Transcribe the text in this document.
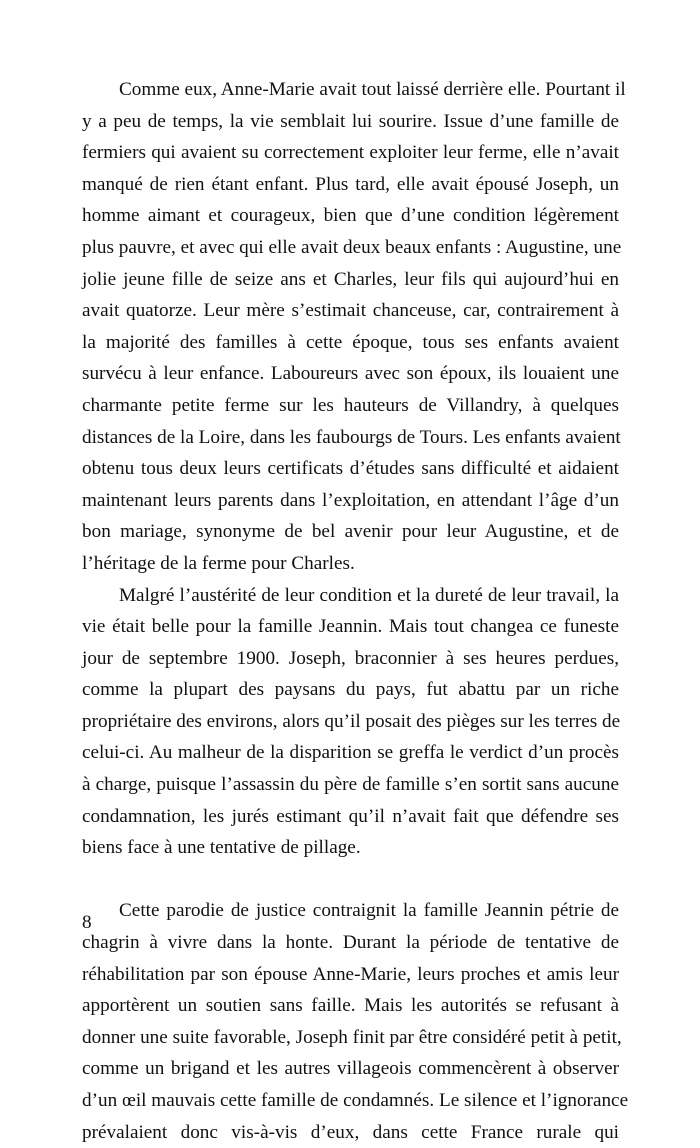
Comme eux, Anne-Marie avait tout laissé derrière elle. Pourtant il
y a peu de temps, la vie semblait lui sourire. Issue d’une famille de
fermiers qui avaient su correctement exploiter leur ferme, elle n’avait
manqué de rien étant enfant. Plus tard, elle avait épousé Joseph, un
homme aimant et courageux, bien que d’une condition légèrement
plus pauvre, et avec qui elle avait deux beaux enfants : Augustine, une
jolie jeune fille de seize ans et Charles, leur fils qui aujourd’hui en
avait quatorze. Leur mère s’estimait chanceuse, car, contrairement à
la majorité des familles à cette époque, tous ses enfants avaient
survécu à leur enfance. Laboureurs avec son époux, ils louaient une
charmante petite ferme sur les hauteurs de Villandry, à quelques
distances de la Loire, dans les faubourgs de Tours. Les enfants avaient
obtenu tous deux leurs certificats d’études sans difficulté et aidaient
maintenant leurs parents dans l’exploitation, en attendant l’âge d’un
bon mariage, synonyme de bel avenir pour leur Augustine, et de
l’héritage de la ferme pour Charles.
Malgré l’austérité de leur condition et la dureté de leur travail, la
vie était belle pour la famille Jeannin. Mais tout changea ce funeste
jour de septembre 1900. Joseph, braconnier à ses heures perdues,
comme la plupart des paysans du pays, fut abattu par un riche
propriétaire des environs, alors qu’il posait des pièges sur les terres de
celui-ci. Au malheur de la disparition se greffa le verdict d’un procès
à charge, puisque l’assassin du père de famille s’en sortit sans aucune
condamnation, les jurés estimant qu’il n’avait fait que défendre ses
biens face à une tentative de pillage.
Cette parodie de justice contraignit la famille Jeannin pétrie de
chagrin à vivre dans la honte. Durant la période de tentative de
réhabilitation par son épouse Anne-Marie, leurs proches et amis leur
apportèrent un soutien sans faille. Mais les autorités se refusant à
donner une suite favorable, Joseph finit par être considéré petit à petit,
comme un brigand et les autres villageois commencèrent à observer
d’un œil mauvais cette famille de condamnés. Le silence et l’ignorance
prévalaient donc vis-à-vis d’eux, dans cette France rurale qui
8
